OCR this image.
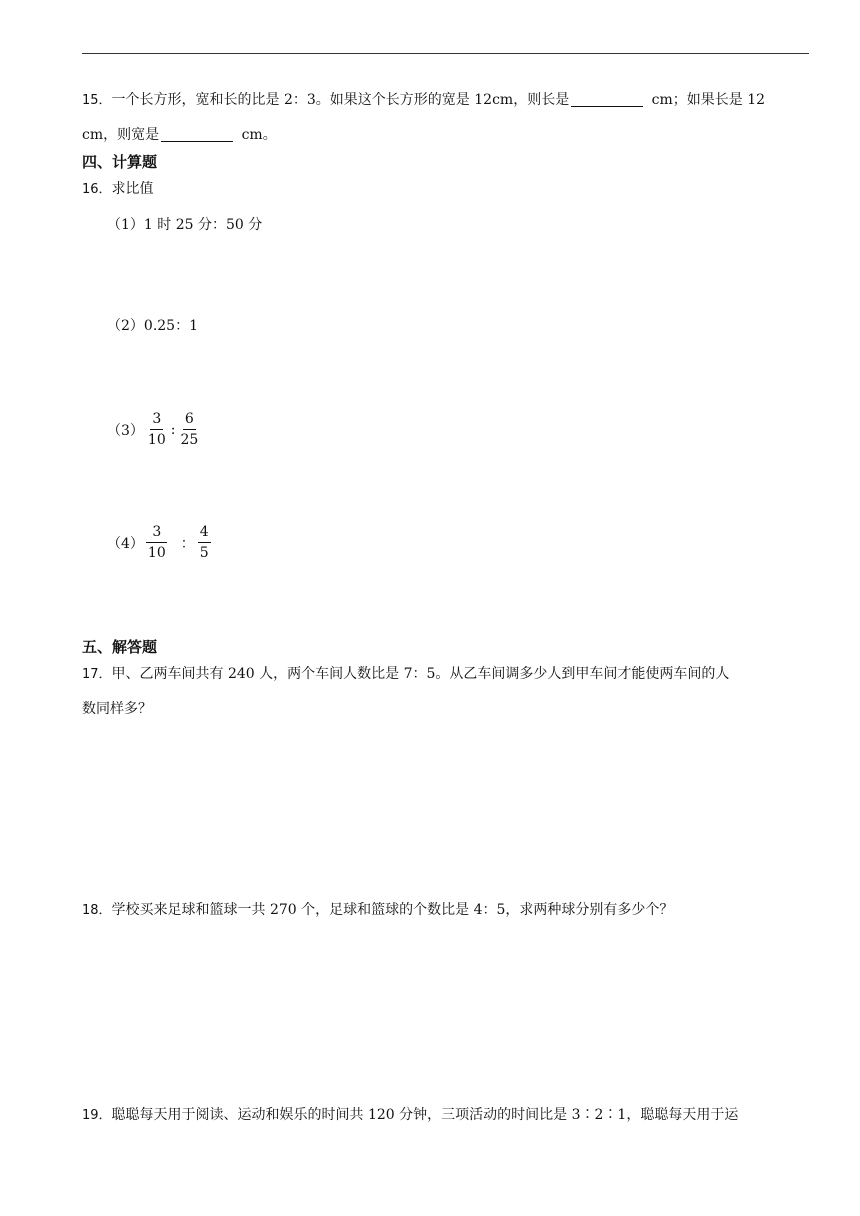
15．一个长方形，宽和长的比是 2：3。如果这个长方形的宽是 12cm，则长是	cm；如果长是 12
cm，则宽是	cm。
四、计算题
16．求比值
（1）1 时 25 分：50 分
（2）0.25：1
$(3) \frac{3}{10}$ : $\frac{6}{25}$
$(4) \frac{3}{10}$ ： $\frac{4}{5}$
五、解答题
17．甲、乙两车间共有 240 人，两个车间人数比是 7：5。从乙车间调多少人到甲车间才能使两车间的人
数同样多？
18．学校买来足球和篮球一共 270 个，足球和篮球的个数比是 4：5，求两种球分别有多少个？
19．聪聪每天用于阅读、运动和娱乐的时间共 120 分钟，三项活动的时间比是 3∶2∶1，聪聪每天用于运
